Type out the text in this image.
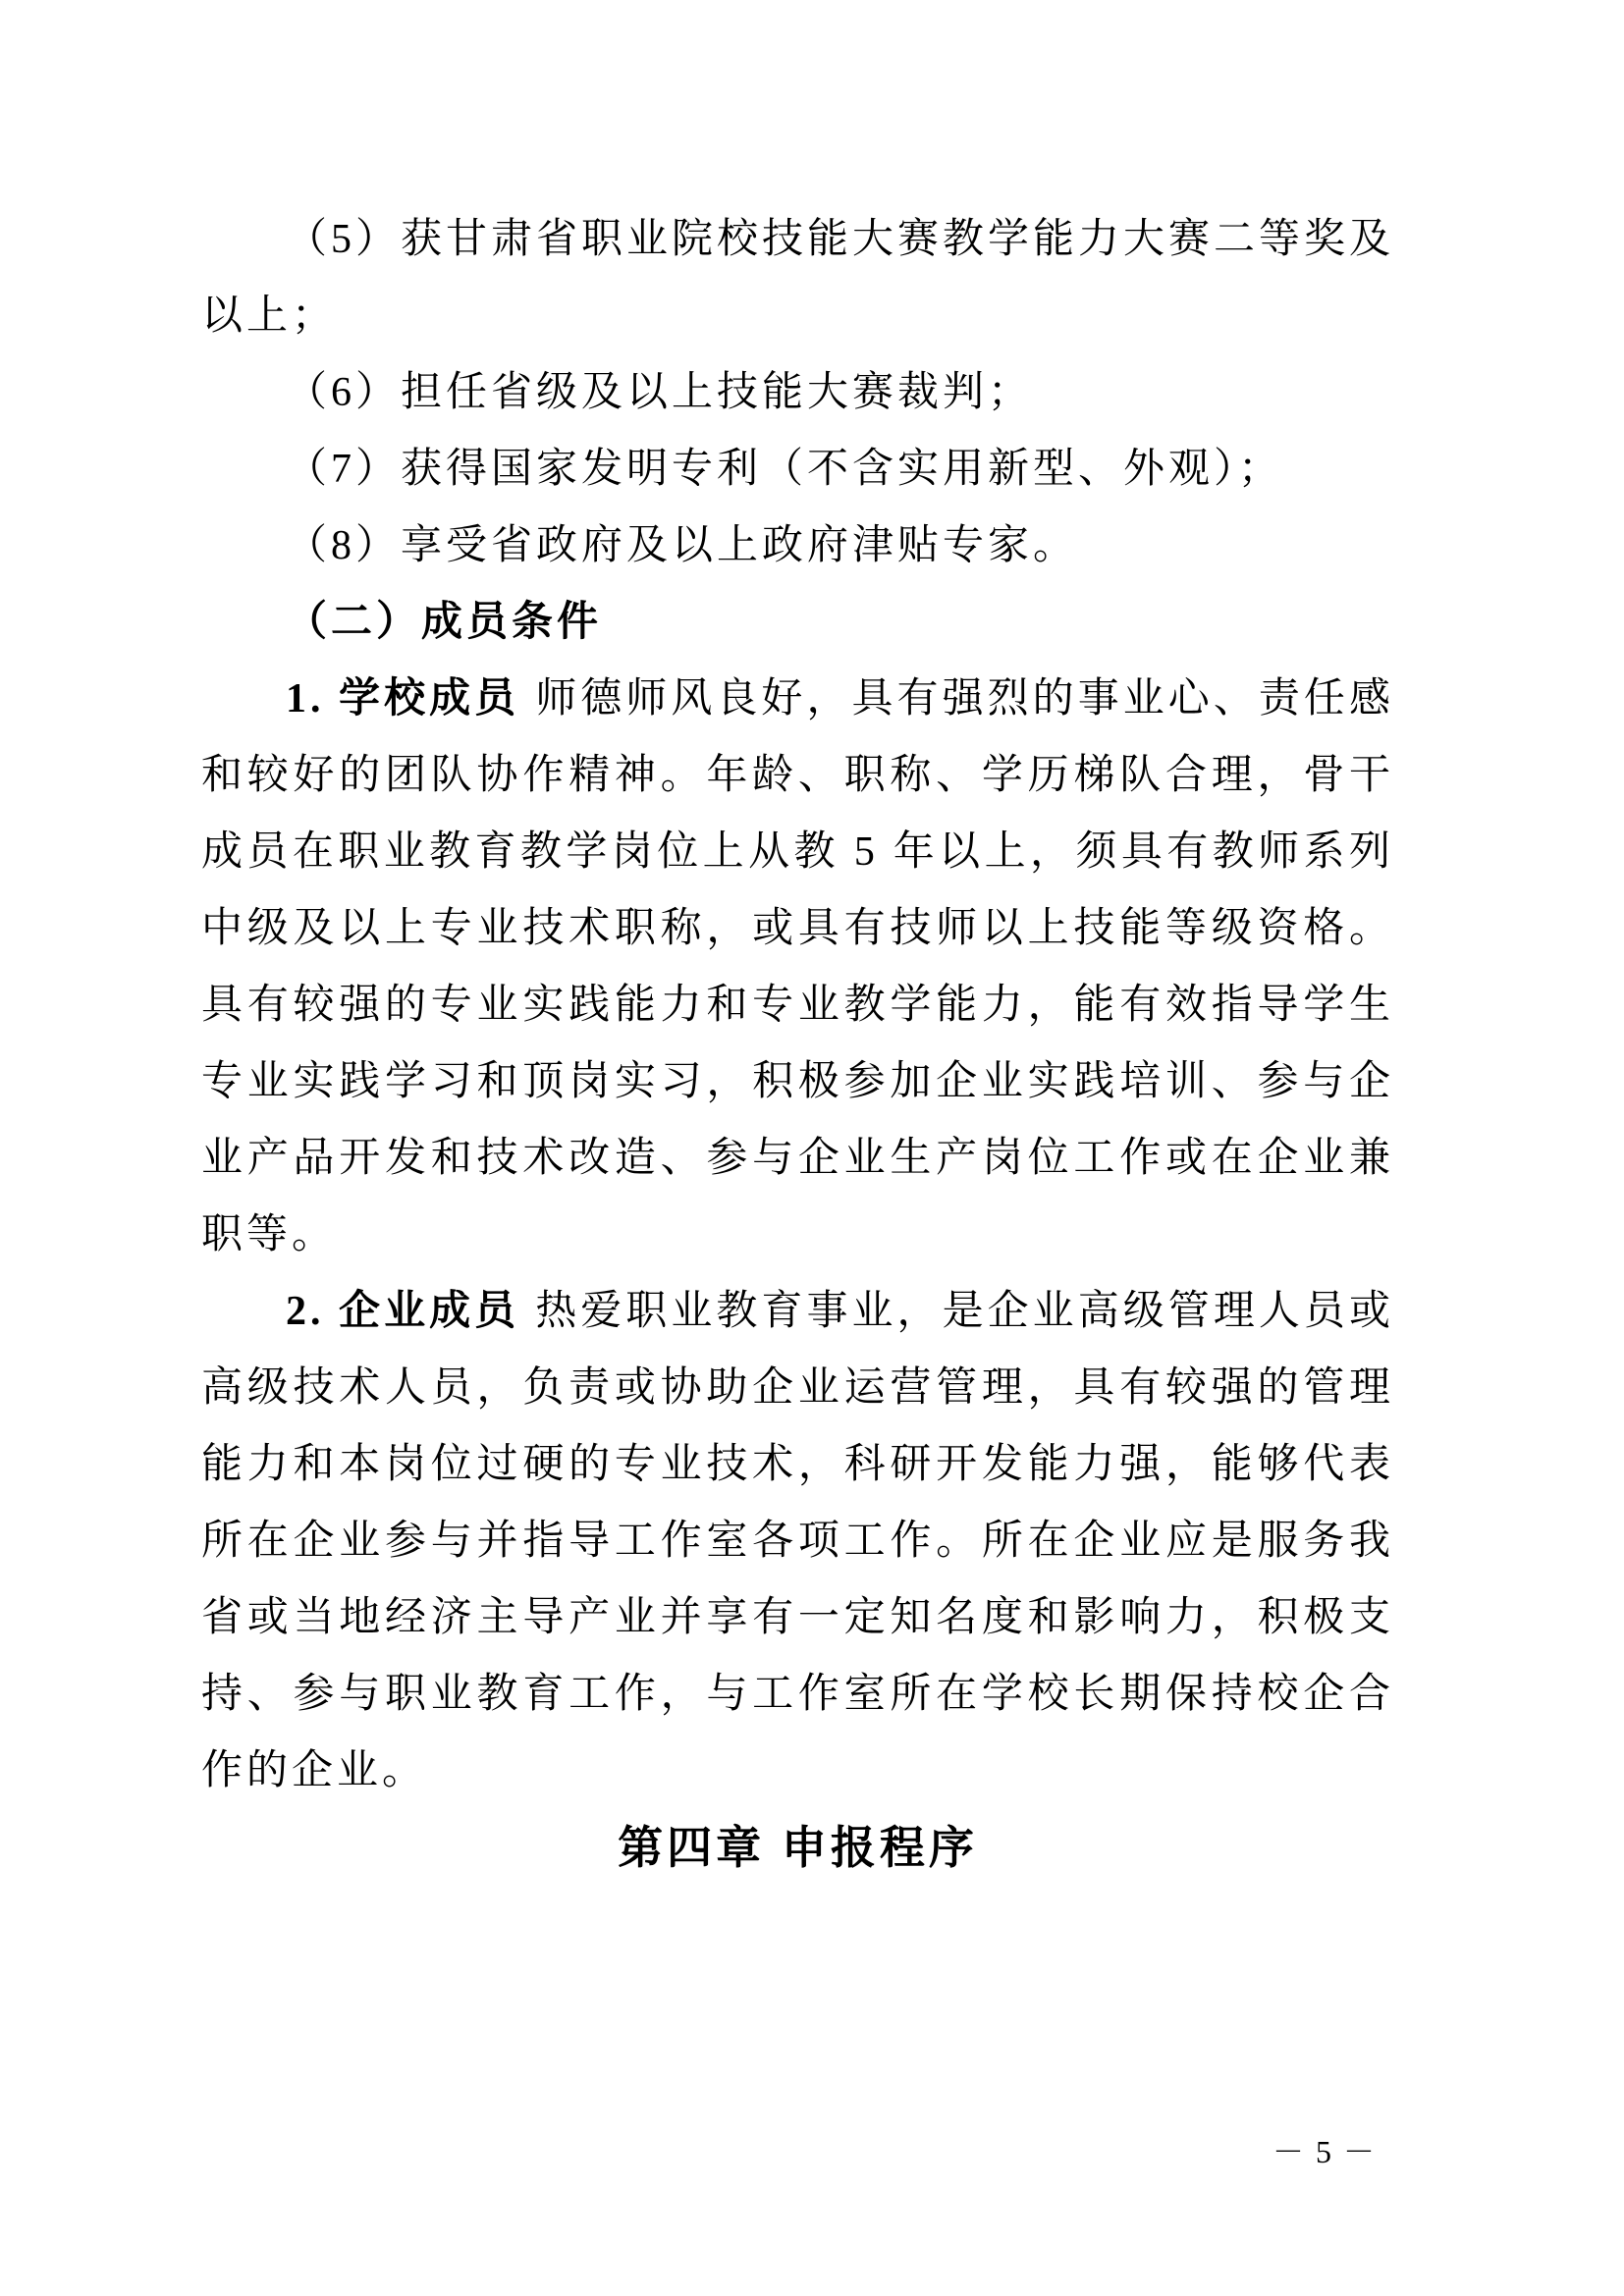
（5）获甘肃省职业院校技能大赛教学能力大赛二等奖及以上；

（6）担任省级及以上技能大赛裁判；

（7）获得国家发明专利（不含实用新型、外观）；

（8）享受省政府及以上政府津贴专家。

（二）成员条件

1. 学校成员 师德师风良好，具有强烈的事业心、责任感和较好的团队协作精神。年龄、职称、学历梯队合理，骨干成员在职业教育教学岗位上从教 5 年以上，须具有教师系列中级及以上专业技术职称，或具有技师以上技能等级资格。具有较强的专业实践能力和专业教学能力，能有效指导学生专业实践学习和顶岗实习，积极参加企业实践培训、参与企业产品开发和技术改造、参与企业生产岗位工作或在企业兼职等。

2. 企业成员 热爱职业教育事业，是企业高级管理人员或高级技术人员，负责或协助企业运营管理，具有较强的管理能力和本岗位过硬的专业技术，科研开发能力强，能够代表所在企业参与并指导工作室各项工作。所在企业应是服务我省或当地经济主导产业并享有一定知名度和影响力，积极支持、参与职业教育工作，与工作室所在学校长期保持校企合作的企业。

第四章 申报程序

－ 5 －
